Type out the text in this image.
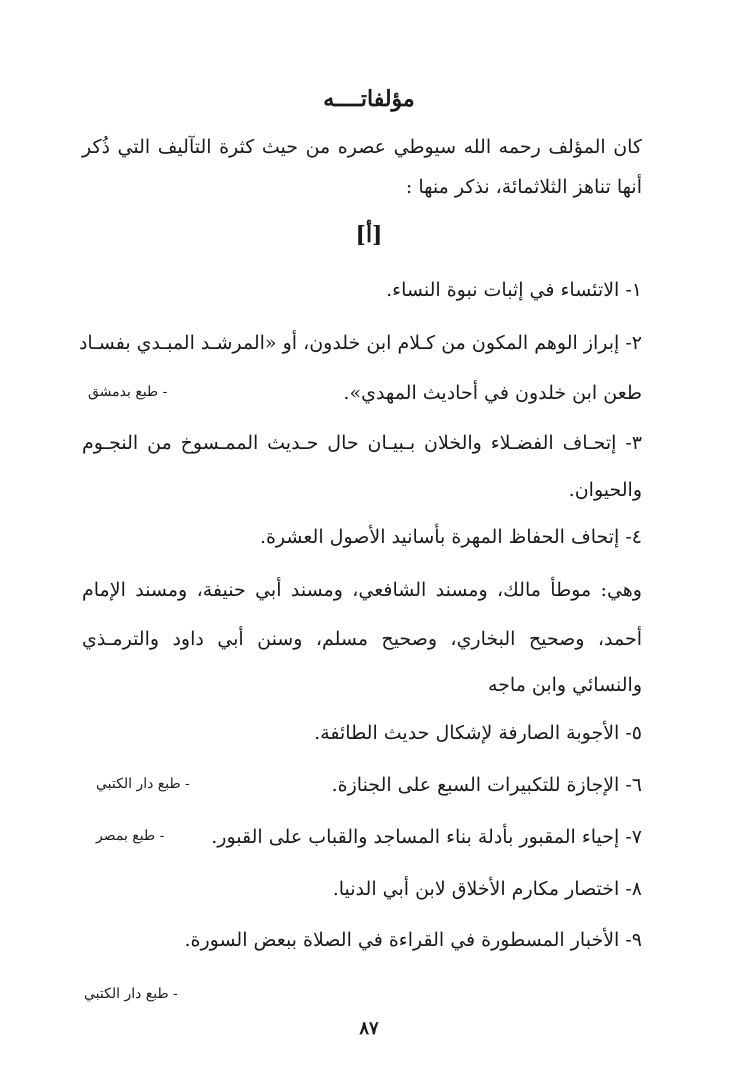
مؤلفاتــــه
كان المؤلف رحمه الله سيوطي عصره من حيث كثرة التآليف التي ذُكر
أنها تناهز الثلاثمائة، نذكر منها :
[أ]
١- الاتئساء في إثبات نبوة النساء.
٢- إبراز الوهم المكون من كـلام ابن خلدون، أو «المرشـد المبـدي بفسـاد
طعن ابن خلدون في أحاديث المهدي».
- طبع بدمشق
٣- إتحـاف الفضـلاء والخلان بـبيـان حال حـديث الممـسوخ من النجـوم
والحيوان.
٤- إتحاف الحفاظ المهرة بأسانيد الأصول العشرة.
وهي: موطأ مالك، ومسند الشافعي، ومسند أبي حنيفة، ومسند الإمام
أحمد، وصحيح البخاري، وصحيح مسلم، وسنن أبي داود والترمـذي
والنسائي وابن ماجه
٥- الأجوبة الصارفة لإشكال حديث الطائفة.
٦- الإجازة للتكبيرات السبع على الجنازة.
- طبع دار الكتبي
٧- إحياء المقبور بأدلة بناء المساجد والقباب على القبور.
- طبع بمصر
٨- اختصار مكارم الأخلاق لابن أبي الدنيا.
٩- الأخبار المسطورة في القراءة في الصلاة ببعض السورة.
- طبع دار الكتبي
٨٧
